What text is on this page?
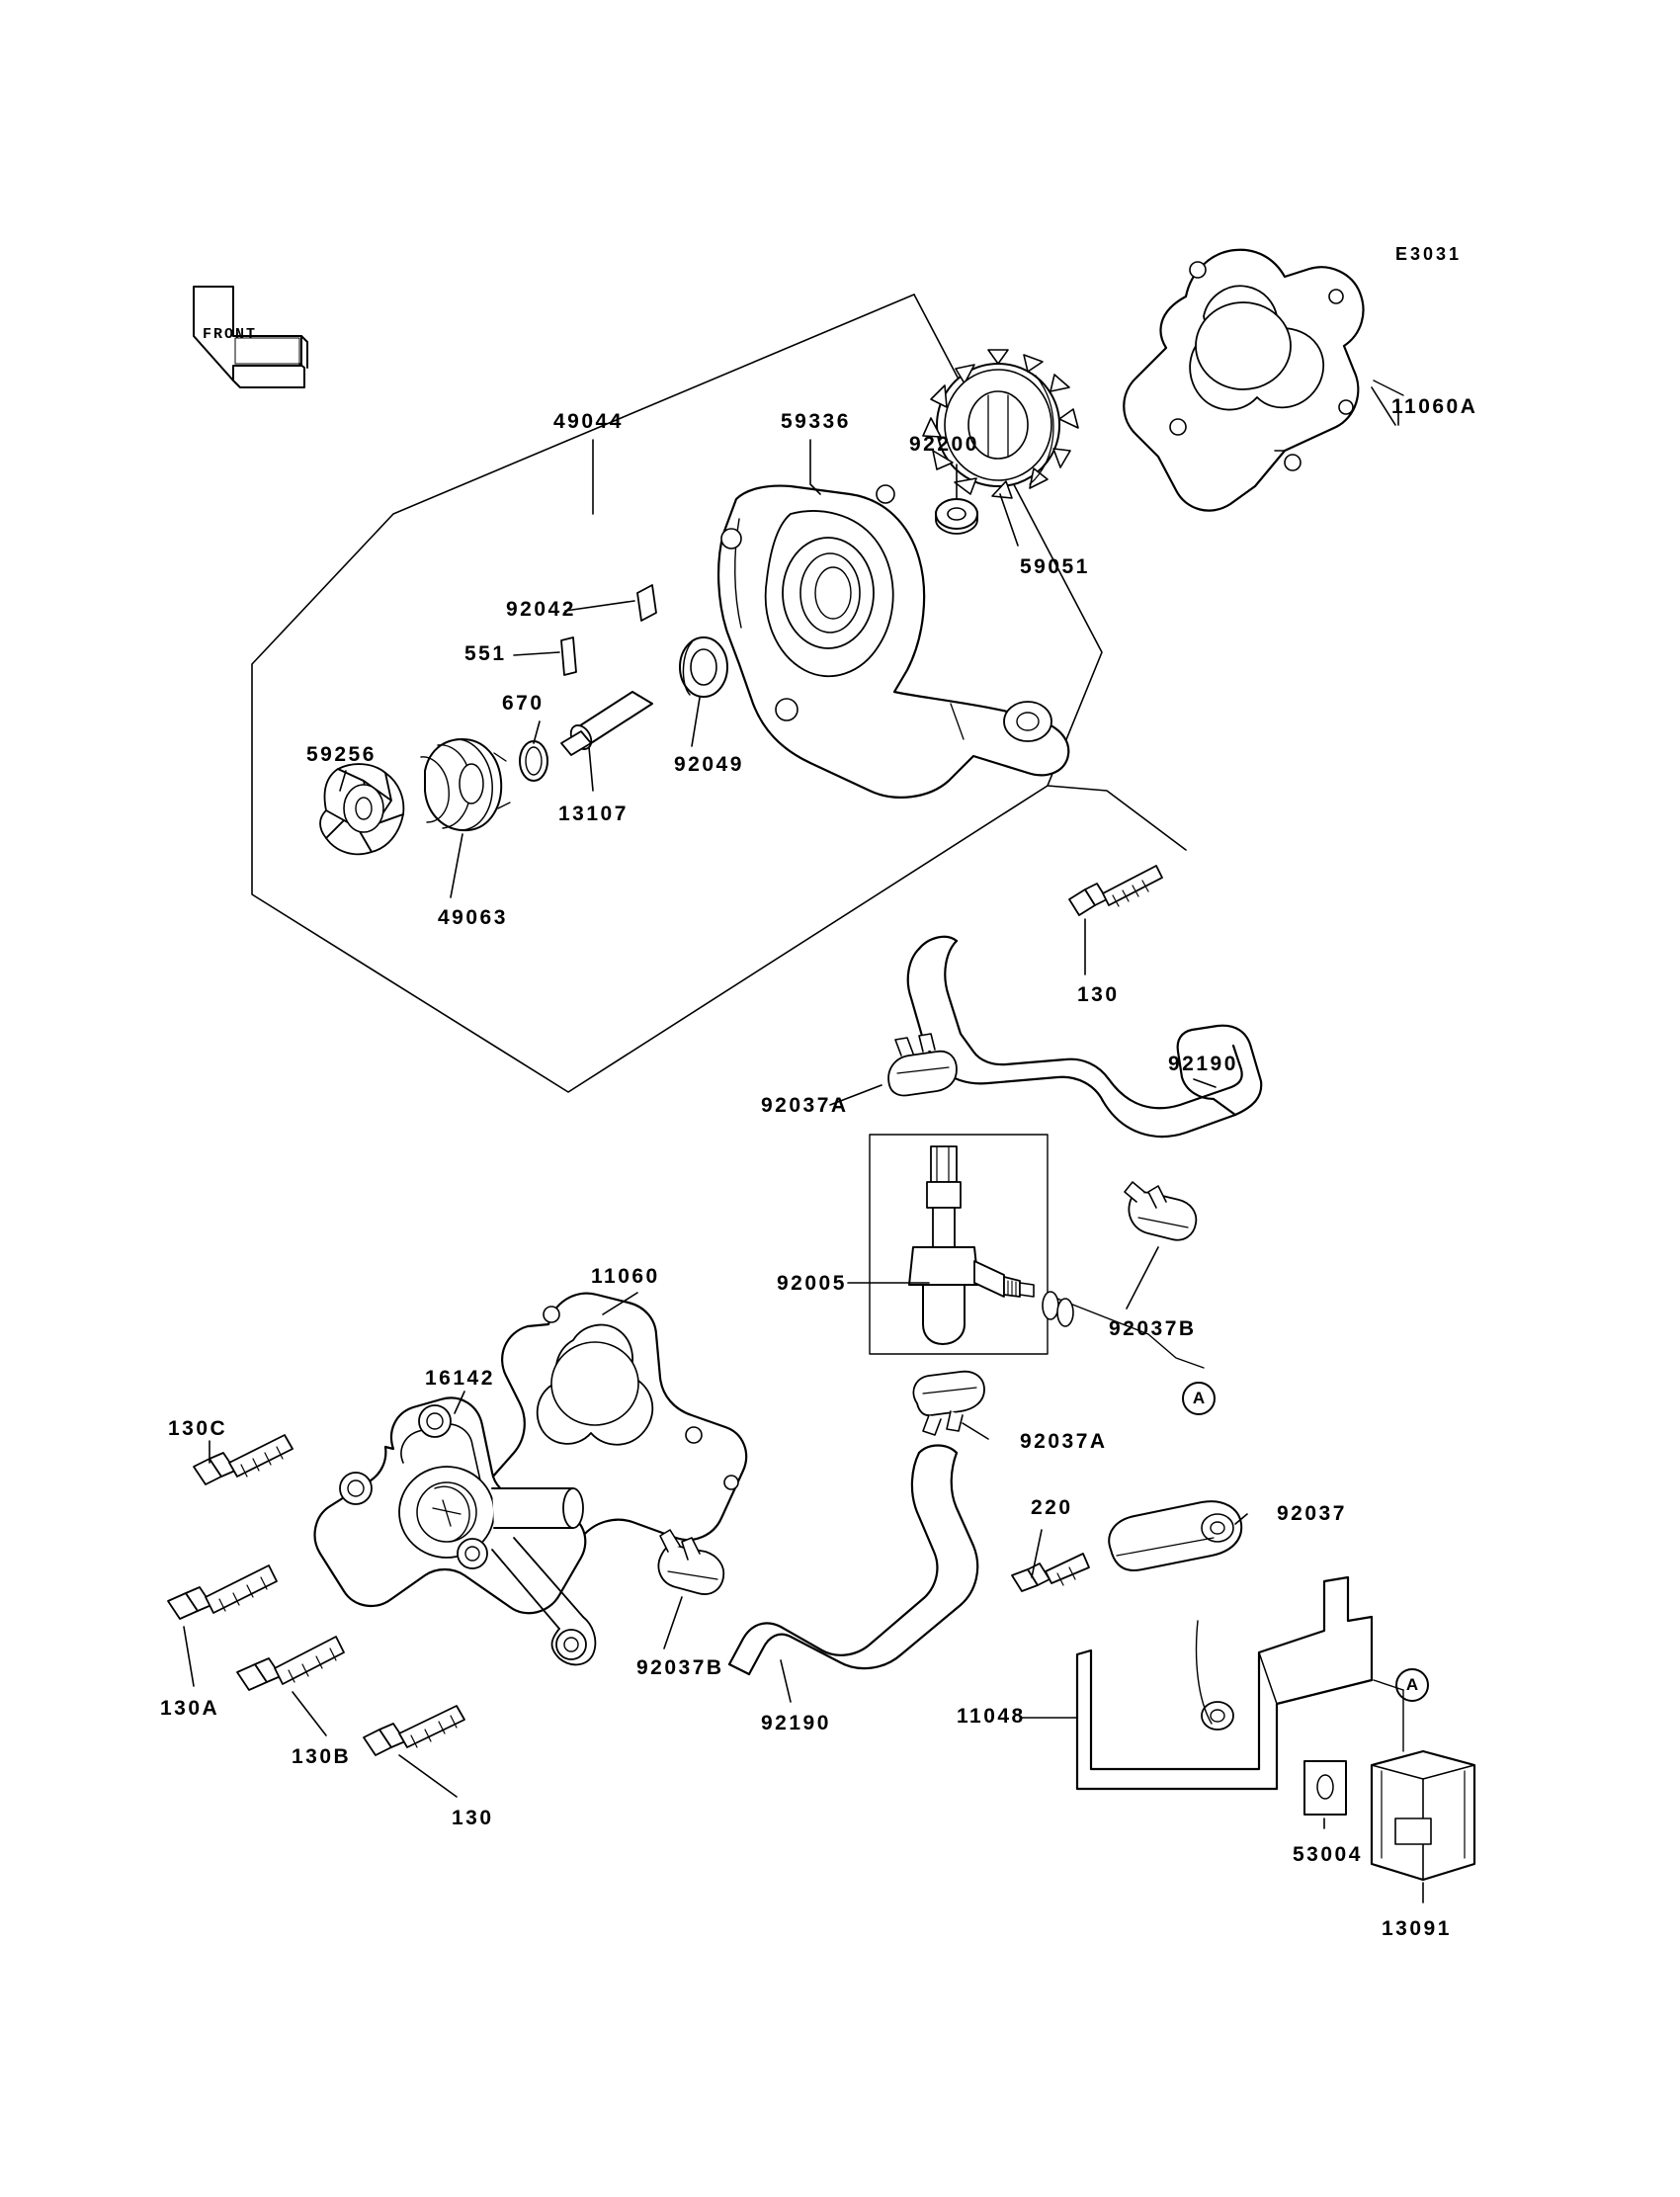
E3031
FRONT
49044	59336
92200
11060A
59051
92042
551
670
92049
13107
59256
49063
130
92037A
92190
92005
92037B
11060
16142
130C
92037A
130A
130B
130
92037B
92190
220	92037
11048
53004
13091
A
A
